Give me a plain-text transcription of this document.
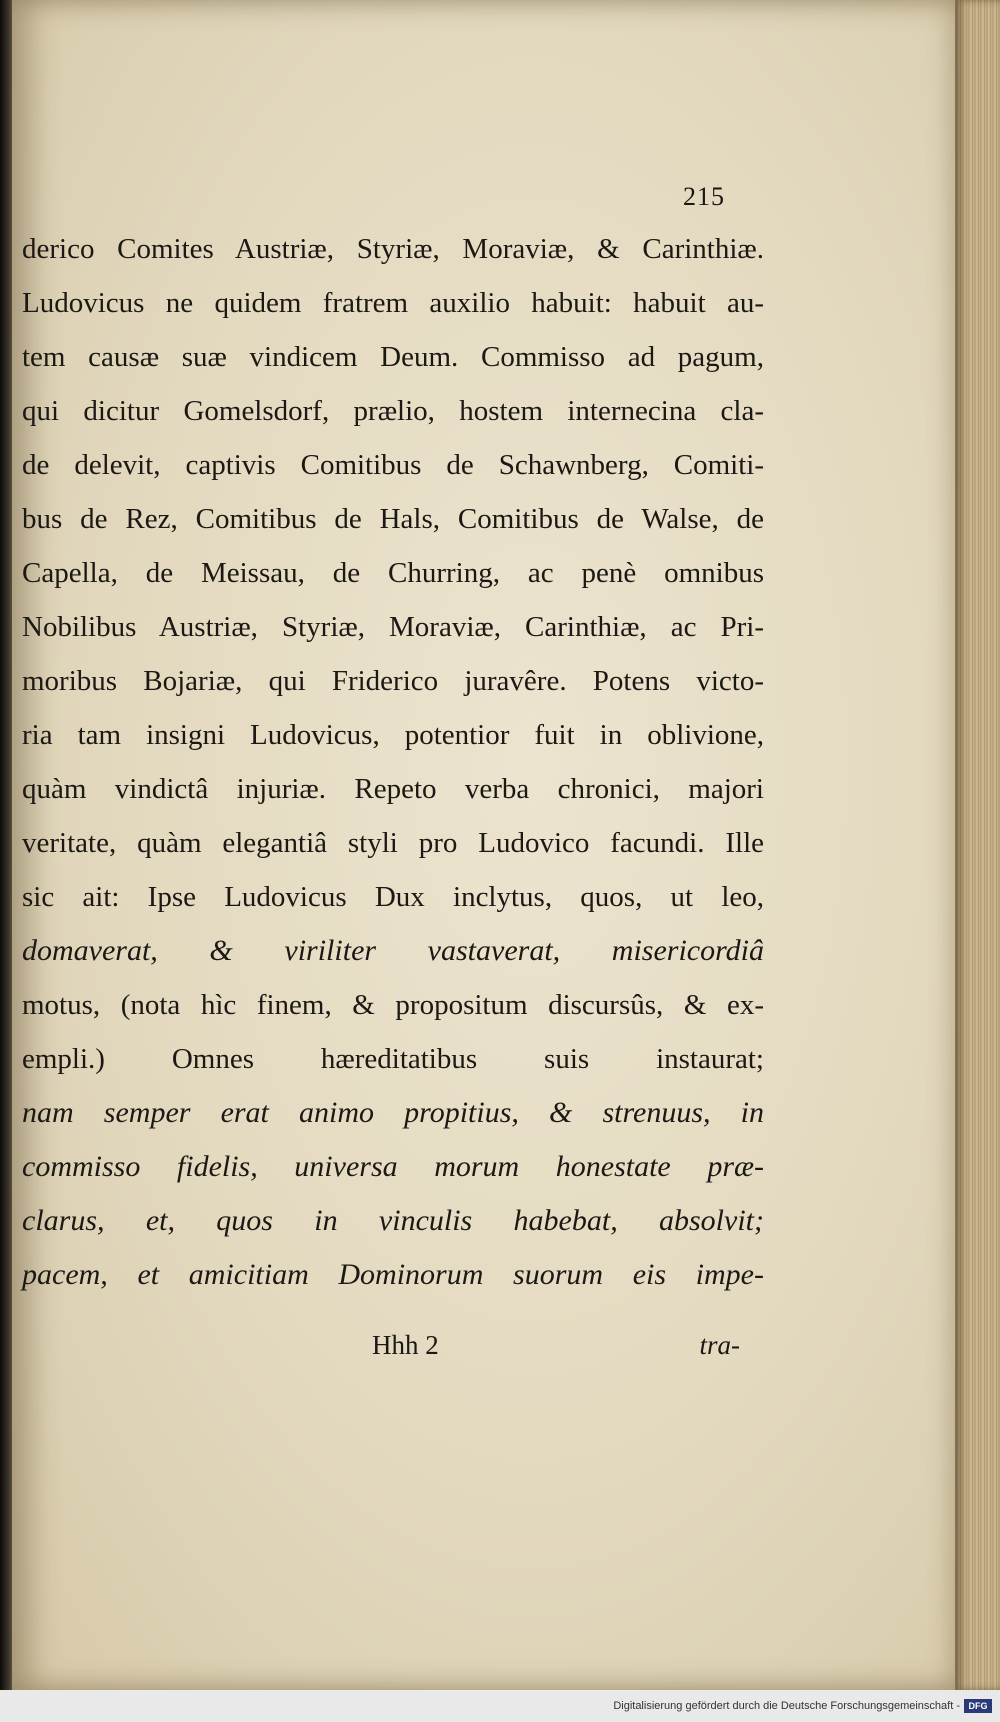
215
derico Comites Austriæ, Styriæ, Moraviæ, & Carinthiæ.
Ludovicus ne quidem fratrem auxilio habuit: habuit au-
tem causæ suæ vindicem Deum. Commisso ad pagum,
qui dicitur Gomelsdorf, prælio, hostem internecina cla-
de delevit, captivis Comitibus de Schawnberg, Comiti-
bus de Rez, Comitibus de Hals, Comitibus de Walse, de
Capella, de Meissau, de Churring, ac penè omnibus
Nobilibus Austriæ, Styriæ, Moraviæ, Carinthiæ, ac Pri-
moribus Bojariæ, qui Friderico juravêre. Potens victo-
ria tam insigni Ludovicus, potentior fuit in oblivione,
quàm vindictâ injuriæ. Repeto verba chronici, majori
veritate, quàm elegantiâ styli pro Ludovico facundi. Ille
sic ait: Ipse Ludovicus Dux inclytus, quos, ut leo,
domaverat, & viriliter vastaverat, misericordiâ
motus, (nota hìc finem, & propositum discursûs, & ex-
empli.) Omnes hæreditatibus suis instaurat;
nam semper erat animo propitius, & strenuus, in
commisso fidelis, universa morum honestate præ-
clarus, et, quos in vinculis habebat, absolvit;
pacem, et amicitiam Dominorum suorum eis impe-
Hhh 2	tra-
Digitalisierung gefördert durch die Deutsche Forschungsgemeinschaft - DFG
